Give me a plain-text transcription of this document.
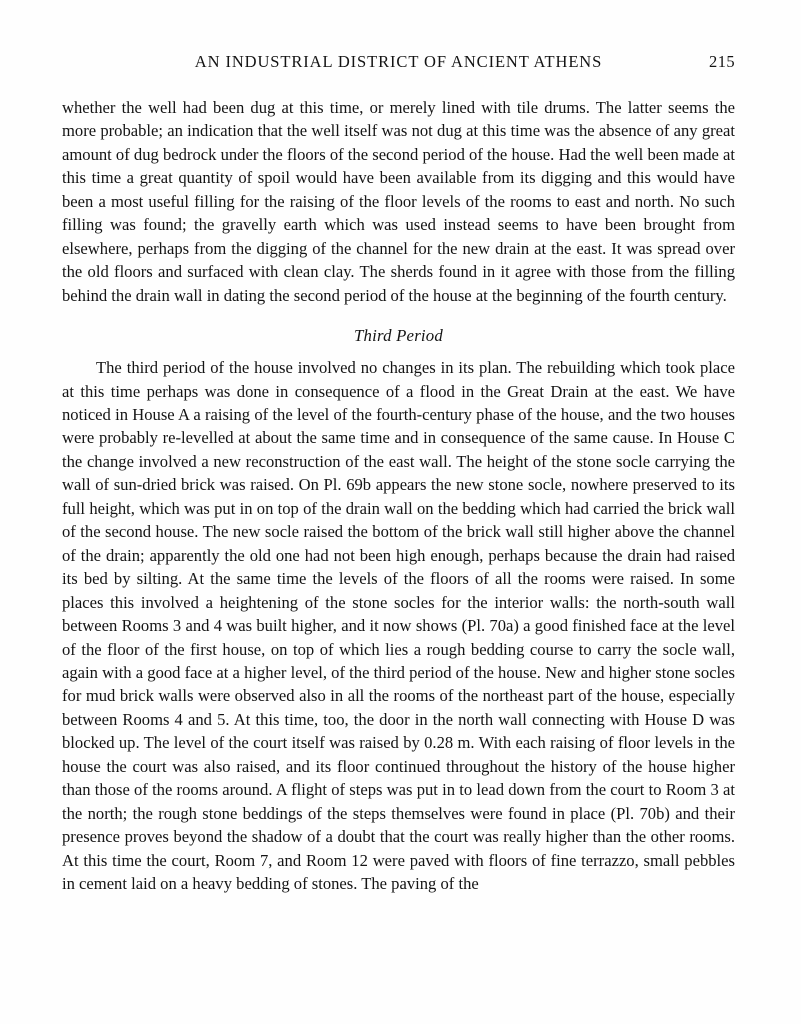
AN INDUSTRIAL DISTRICT OF ANCIENT ATHENS	215

whether the well had been dug at this time, or merely lined with tile drums. The latter seems the more probable; an indication that the well itself was not dug at this time was the absence of any great amount of dug bedrock under the floors of the second period of the house. Had the well been made at this time a great quantity of spoil would have been available from its digging and this would have been a most useful filling for the raising of the floor levels of the rooms to east and north. No such filling was found; the gravelly earth which was used instead seems to have been brought from elsewhere, perhaps from the digging of the channel for the new drain at the east. It was spread over the old floors and surfaced with clean clay. The sherds found in it agree with those from the filling behind the drain wall in dating the second period of the house at the beginning of the fourth century.

Third Period

The third period of the house involved no changes in its plan. The rebuilding which took place at this time perhaps was done in consequence of a flood in the Great Drain at the east. We have noticed in House A a raising of the level of the fourth-century phase of the house, and the two houses were probably re-levelled at about the same time and in consequence of the same cause. In House C the change involved a new reconstruction of the east wall. The height of the stone socle carrying the wall of sun-dried brick was raised. On Pl. 69b appears the new stone socle, nowhere preserved to its full height, which was put in on top of the drain wall on the bedding which had carried the brick wall of the second house. The new socle raised the bottom of the brick wall still higher above the channel of the drain; apparently the old one had not been high enough, perhaps because the drain had raised its bed by silting. At the same time the levels of the floors of all the rooms were raised. In some places this involved a heightening of the stone socles for the interior walls: the north-south wall between Rooms 3 and 4 was built higher, and it now shows (Pl. 70a) a good finished face at the level of the floor of the first house, on top of which lies a rough bedding course to carry the socle wall, again with a good face at a higher level, of the third period of the house. New and higher stone socles for mud brick walls were observed also in all the rooms of the northeast part of the house, especially between Rooms 4 and 5. At this time, too, the door in the north wall connecting with House D was blocked up. The level of the court itself was raised by 0.28 m. With each raising of floor levels in the house the court was also raised, and its floor continued throughout the history of the house higher than those of the rooms around. A flight of steps was put in to lead down from the court to Room 3 at the north; the rough stone beddings of the steps themselves were found in place (Pl. 70b) and their presence proves beyond the shadow of a doubt that the court was really higher than the other rooms. At this time the court, Room 7, and Room 12 were paved with floors of fine terrazzo, small pebbles in cement laid on a heavy bedding of stones. The paving of the
